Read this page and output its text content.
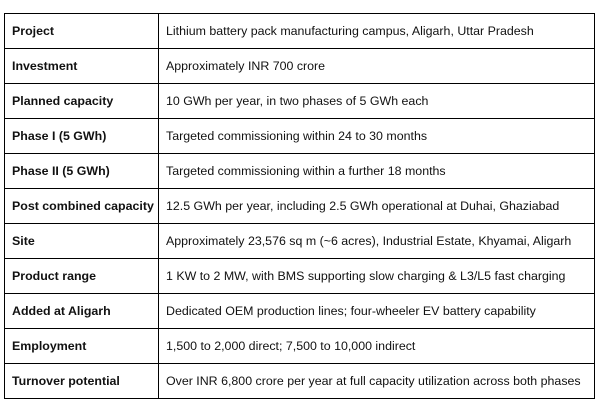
Project	Lithium battery pack manufacturing campus, Aligarh, Uttar Pradesh
Investment	Approximately INR 700 crore
Planned capacity	10 GWh per year, in two phases of 5 GWh each
Phase I (5 GWh)	Targeted commissioning within 24 to 30 months
Phase II (5 GWh)	Targeted commissioning within a further 18 months
Post combined capacity	12.5 GWh per year, including 2.5 GWh operational at Duhai, Ghaziabad
Site	Approximately 23,576 sq m (~6 acres), Industrial Estate, Khyamai, Aligarh
Product range	1 KW to 2 MW, with BMS supporting slow charging & L3/L5 fast charging
Added at Aligarh	Dedicated OEM production lines; four-wheeler EV battery capability
Employment	1,500 to 2,000 direct; 7,500 to 10,000 indirect
Turnover potential	Over INR 6,800 crore per year at full capacity utilization across both phases
